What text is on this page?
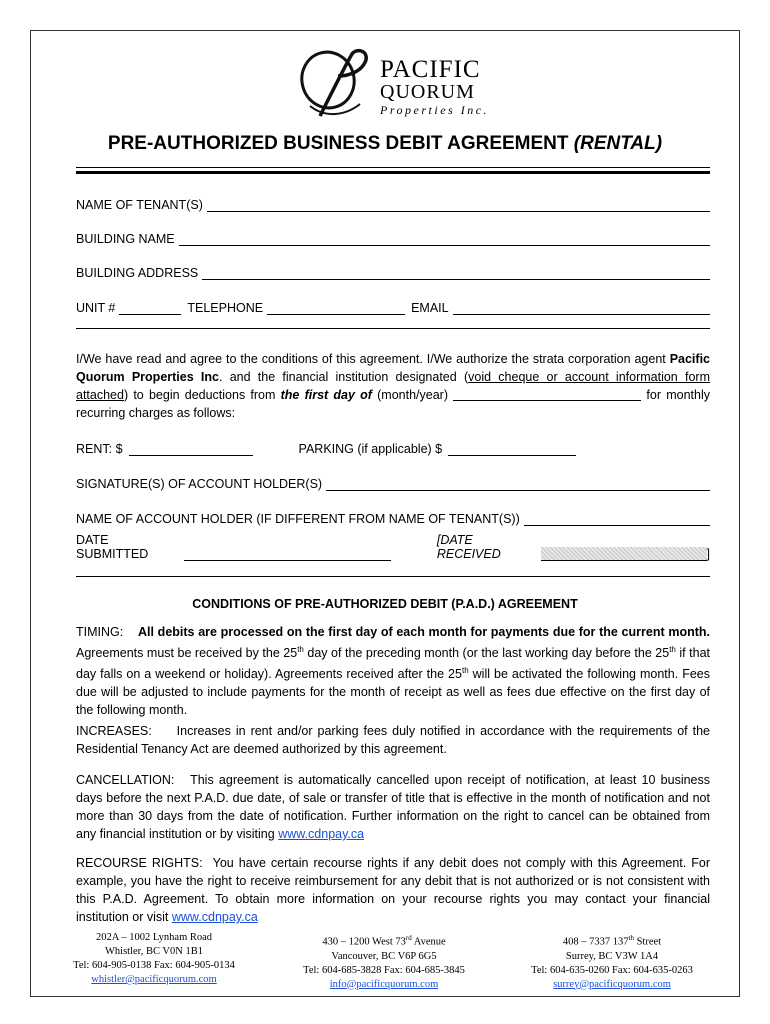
PACIFIC
QUORUM
Properties Inc.
PRE-AUTHORIZED BUSINESS DEBIT AGREEMENT (RENTAL)
NAME OF TENANT(S)
BUILDING NAME
BUILDING ADDRESS
UNIT #	TELEPHONE	EMAIL
I/We have read and agree to the conditions of this agreement. I/We authorize the strata corporation agent Pacific Quorum Properties Inc. and the financial institution designated (void cheque or account information form attached) to begin deductions from the first day of (month/year)	for monthly recurring charges as follows:
RENT: $	PARKING (if applicable) $
SIGNATURE(S) OF ACCOUNT HOLDER(S)
NAME OF ACCOUNT HOLDER (IF DIFFERENT FROM NAME OF TENANT(S))
DATE SUBMITTED
[DATE RECEIVED	]
CONDITIONS OF PRE-AUTHORIZED DEBIT (P.A.D.) AGREEMENT
TIMING: All debits are processed on the first day of each month for payments due for the current month. Agreements must be received by the 25th day of the preceding month (or the last working day before the 25th if that day falls on a weekend or holiday). Agreements received after the 25th will be activated the following month. Fees due will be adjusted to include payments for the month of receipt as well as fees due effective on the first day of the following month.
INCREASES: Increases in rent and/or parking fees duly notified in accordance with the requirements of the Residential Tenancy Act are deemed authorized by this agreement.
CANCELLATION: This agreement is automatically cancelled upon receipt of notification, at least 10 business days before the next P.A.D. due date, of sale or transfer of title that is effective in the month of notification and not more than 30 days from the date of notification. Further information on the right to cancel can be obtained from any financial institution or by visiting www.cdnpay.ca
RECOURSE RIGHTS: You have certain recourse rights if any debit does not comply with this Agreement. For example, you have the right to receive reimbursement for any debit that is not authorized or is not consistent with this P.A.D. Agreement. To obtain more information on your recourse rights you may contact your financial institution or visit www.cdnpay.ca
202A – 1002 Lynham Road
Whistler, BC V0N 1B1
Tel: 604-905-0138 Fax: 604-905-0134
whistler@pacificquorum.com
430 – 1200 West 73rd Avenue
Vancouver, BC V6P 6G5
Tel: 604-685-3828 Fax: 604-685-3845
info@pacificquorum.com
408 – 7337 137th Street
Surrey, BC V3W 1A4
Tel: 604-635-0260 Fax: 604-635-0263
surrey@pacificquorum.com
